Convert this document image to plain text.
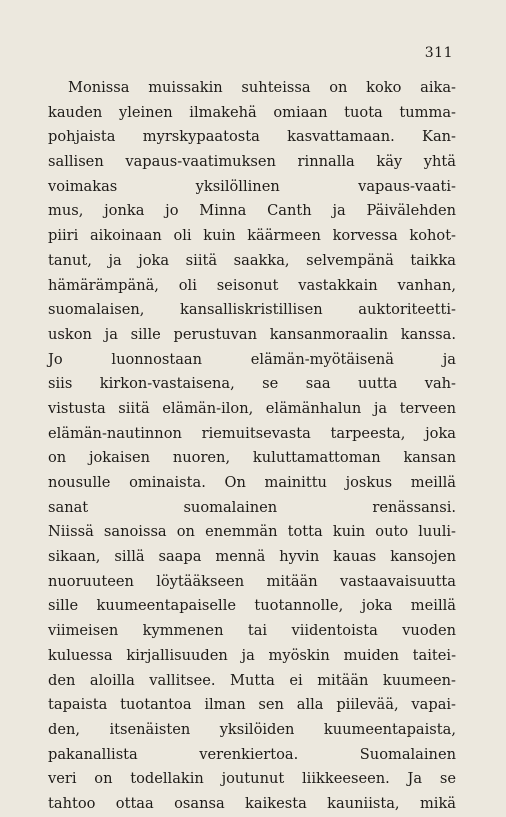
311
Monissa muissakin suhteissa on koko aika-
kauden yleinen ilmakehä omiaan tuota tumma-
pohjaista myrskypaatosta kasvattamaan. Kan-
sallisen vapaus-vaatimuksen rinnalla käy yhtä
voimakas yksilöllinen vapaus-vaati-
mus, jonka jo Minna Canth ja Päivälehden
piiri aikoinaan oli kuin käärmeen korvessa kohot-
tanut, ja joka siitä saakka, selvempänä taikka
hämärämpänä, oli seisonut vastakkain vanhan,
suomalaisen, kansalliskristillisen auktoriteetti-
uskon ja sille perustuvan kansanmoraalin kanssa.
Jo luonnostaan elämän-myötäisenä ja
siis kirkon-vastaisena, se saa uutta vah-
vistusta siitä elämän-ilon, elämänhalun ja terveen
elämän-nautinnon riemuitsevasta tarpeesta, joka
on jokaisen nuoren, kuluttamattoman kansan
nousulle ominaista. On mainittu joskus meillä
sanat suomalainen renässansi.
Niissä sanoissa on enemmän totta kuin outo luuli-
sikaan, sillä saapa mennä hyvin kauas kansojen
nuoruuteen löytääkseen mitään vastaavaisuutta
sille kuumeentapaiselle tuotannolle, joka meillä
viimeisen kymmenen tai viidentoista vuoden
kuluessa kirjallisuuden ja myöskin muiden taitei-
den aloilla vallitsee. Mutta ei mitään kuumeen-
tapaista tuotantoa ilman sen alla piilevää, vapai-
den, itsenäisten yksilöiden kuumeentapaista,
pakanallista verenkiertoa. Suomalainen
veri on todellakin joutunut liikkeeseen. Ja se
tahtoo ottaa osansa kaikesta kauniista, mikä
